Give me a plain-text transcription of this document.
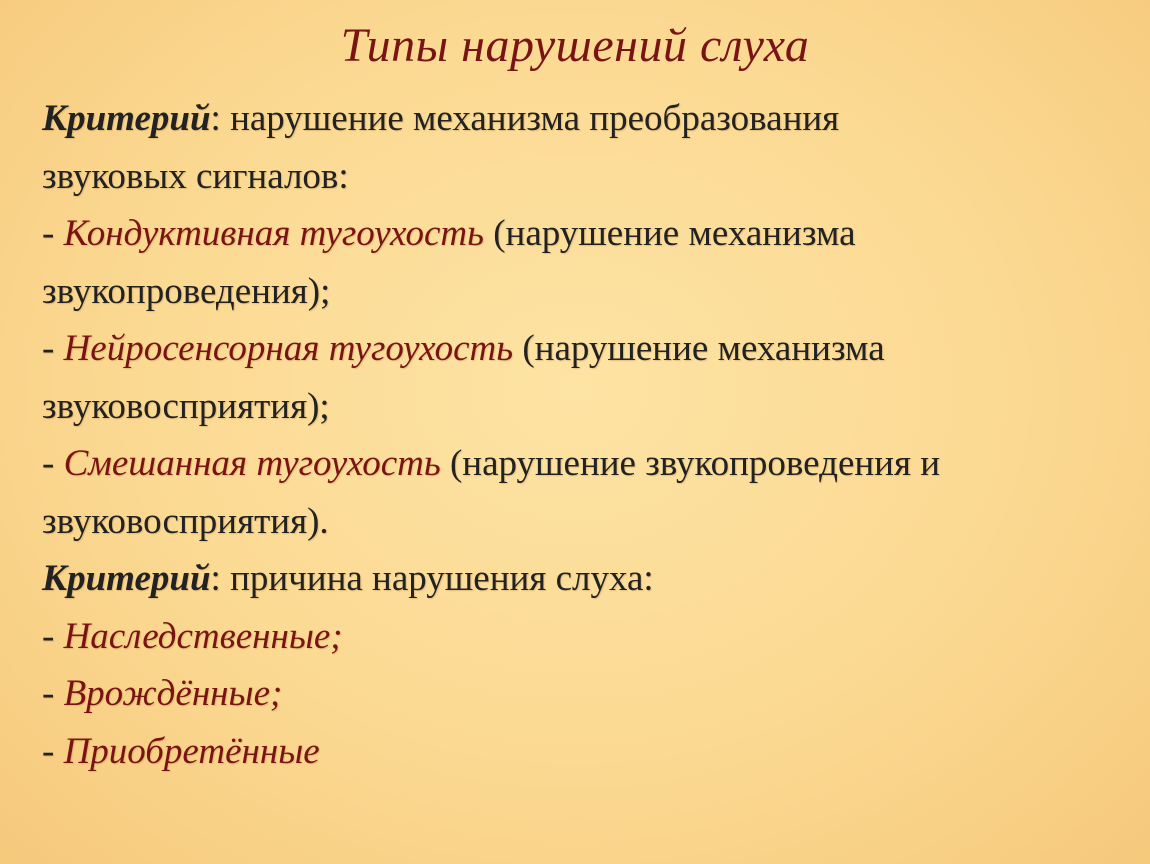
Типы нарушений слуха
Критерий: нарушение механизма преобразования
звуковых сигналов:
- Кондуктивная тугоухость (нарушение механизма
звукопроведения);
- Нейросенсорная тугоухость (нарушение механизма
звуковосприятия);
- Смешанная тугоухость (нарушение звукопроведения и
звуковосприятия).
Критерий: причина нарушения слуха:
- Наследственные;
- Врождённые;
- Приобретённые
